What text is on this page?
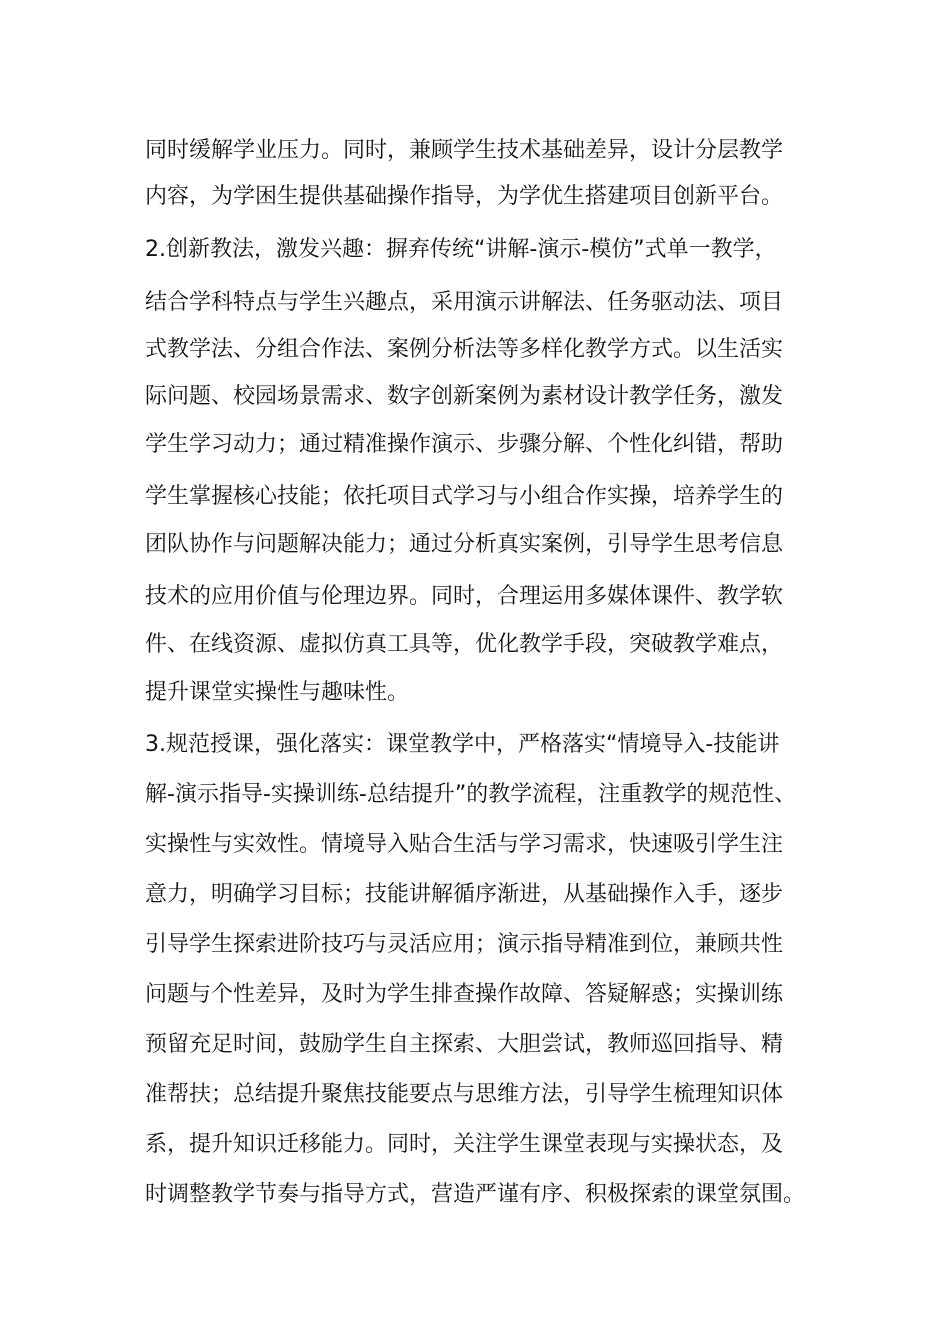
同时缓解学业压力。同时，兼顾学生技术基础差异，设计分层教学

内容，为学困生提供基础操作指导，为学优生搭建项目创新平台。

2.创新教法，激发兴趣：摒弃传统“讲解-演示-模仿”式单一教学，

结合学科特点与学生兴趣点，采用演示讲解法、任务驱动法、项目

式教学法、分组合作法、案例分析法等多样化教学方式。以生活实

际问题、校园场景需求、数字创新案例为素材设计教学任务，激发

学生学习动力；通过精准操作演示、步骤分解、个性化纠错，帮助

学生掌握核心技能；依托项目式学习与小组合作实操，培养学生的

团队协作与问题解决能力；通过分析真实案例，引导学生思考信息

技术的应用价值与伦理边界。同时，合理运用多媒体课件、教学软

件、在线资源、虚拟仿真工具等，优化教学手段，突破教学难点，

提升课堂实操性与趣味性。

3.规范授课，强化落实：课堂教学中，严格落实“情境导入-技能讲

解-演示指导-实操训练-总结提升”的教学流程，注重教学的规范性、

实操性与实效性。情境导入贴合生活与学习需求，快速吸引学生注

意力，明确学习目标；技能讲解循序渐进，从基础操作入手，逐步

引导学生探索进阶技巧与灵活应用；演示指导精准到位，兼顾共性

问题与个性差异，及时为学生排查操作故障、答疑解惑；实操训练

预留充足时间，鼓励学生自主探索、大胆尝试，教师巡回指导、精

准帮扶；总结提升聚焦技能要点与思维方法，引导学生梳理知识体

系，提升知识迁移能力。同时，关注学生课堂表现与实操状态，及

时调整教学节奏与指导方式，营造严谨有序、积极探索的课堂氛围。
